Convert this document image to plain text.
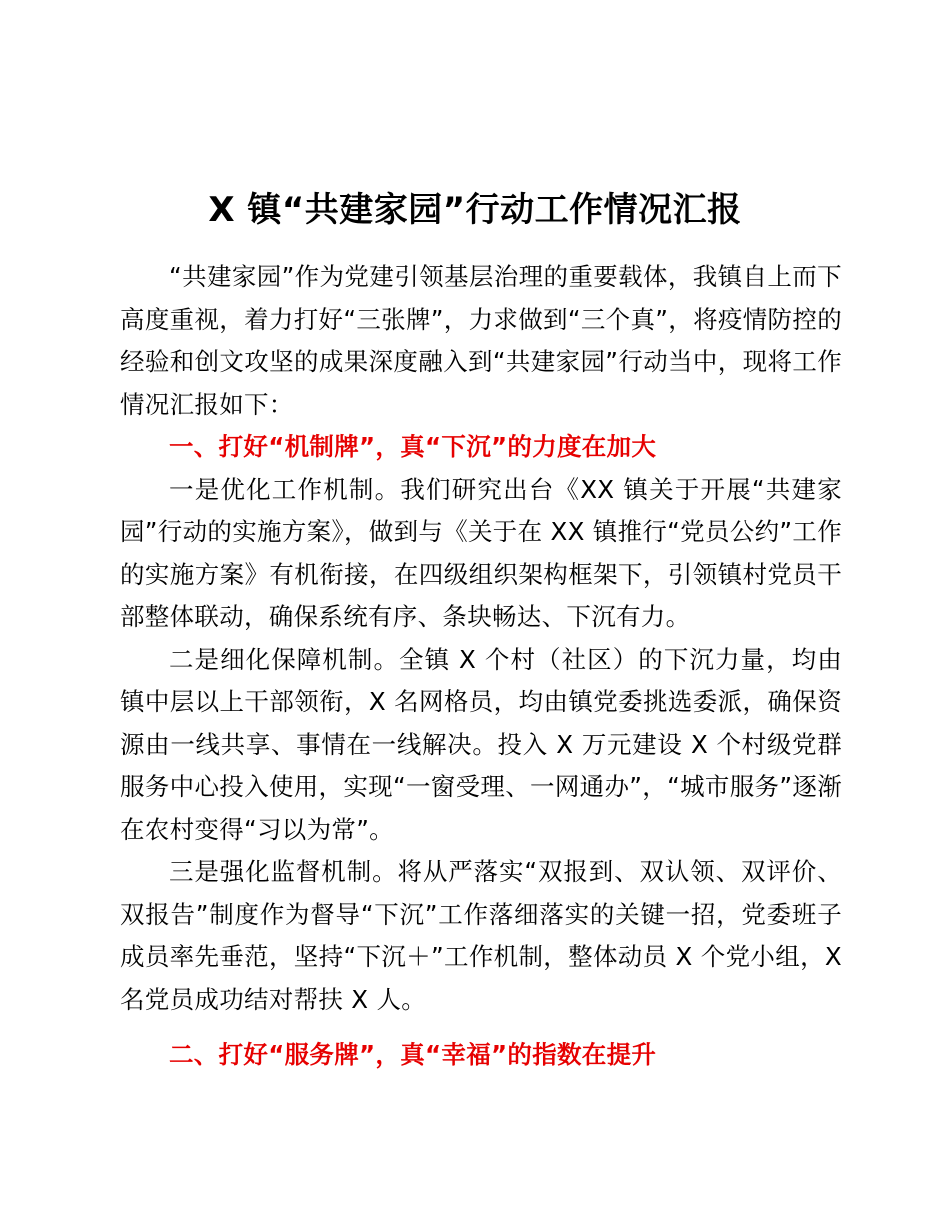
X 镇“共建家园”行动工作情况汇报

“共建家园”作为党建引领基层治理的重要载体，我镇自上而下高度重视，着力打好“三张牌”，力求做到“三个真”，将疫情防控的经验和创文攻坚的成果深度融入到“共建家园”行动当中，现将工作情况汇报如下：

一、打好“机制牌”，真“下沉”的力度在加大

一是优化工作机制。我们研究出台《XX 镇关于开展“共建家园”行动的实施方案》，做到与《关于在 XX 镇推行“党员公约”工作的实施方案》有机衔接，在四级组织架构框架下，引领镇村党员干部整体联动，确保系统有序、条块畅达、下沉有力。

二是细化保障机制。全镇 X 个村（社区）的下沉力量，均由镇中层以上干部领衔，X 名网格员，均由镇党委挑选委派，确保资源由一线共享、事情在一线解决。投入 X 万元建设 X 个村级党群服务中心投入使用，实现“一窗受理、一网通办”，“城市服务”逐渐在农村变得“习以为常”。

三是强化监督机制。将从严落实“双报到、双认领、双评价、双报告”制度作为督导“下沉”工作落细落实的关键一招，党委班子成员率先垂范，坚持“下沉＋”工作机制，整体动员 X 个党小组，X 名党员成功结对帮扶 X 人。

二、打好“服务牌”，真“幸福”的指数在提升
